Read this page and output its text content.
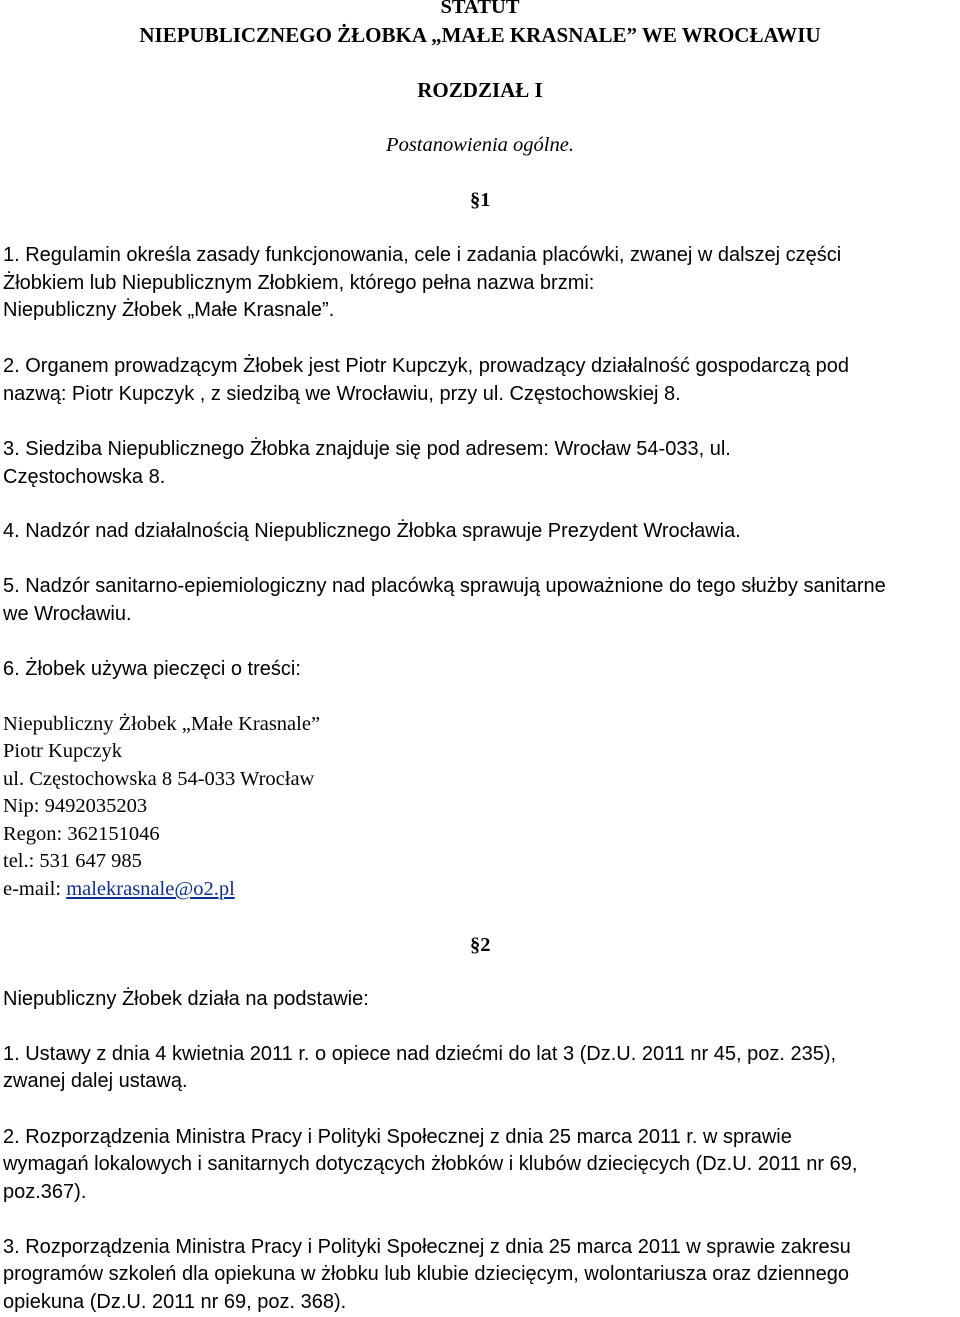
STATUT
NIEPUBLICZNEGO ŻŁOBKA „MAŁE KRASNALE” WE WROCŁAWIU
ROZDZIAŁ I
Postanowienia ogólne.
§1
1. Regulamin określa zasady funkcjonowania, cele i zadania placówki, zwanej w dalszej części
Żłobkiem lub Niepublicznym Złobkiem, którego pełna nazwa brzmi:
Niepubliczny Żłobek „Małe Krasnale”.
2. Organem prowadzącym Żłobek jest Piotr Kupczyk, prowadzący działalność gospodarczą pod
nazwą: Piotr Kupczyk , z siedzibą we Wrocławiu, przy ul. Częstochowskiej 8.
3. Siedziba Niepublicznego Żłobka znajduje się pod adresem: Wrocław 54-033, ul.
Częstochowska 8.
4. Nadzór nad działalnością Niepublicznego Żłobka sprawuje Prezydent Wrocławia.
5. Nadzór sanitarno-epiemiologiczny nad placówką sprawują upoważnione do tego służby sanitarne
we Wrocławiu.
6. Żłobek używa pieczęci o treści:
Niepubliczny Żłobek „Małe Krasnale”
Piotr Kupczyk
ul. Częstochowska 8 54-033 Wrocław
Nip: 9492035203
Regon: 362151046
tel.: 531 647 985
e-mail: malekrasnale@o2.pl
§2
Niepubliczny Żłobek działa na podstawie:
1. Ustawy z dnia 4 kwietnia 2011 r. o opiece nad dziećmi do lat 3 (Dz.U. 2011 nr 45, poz. 235),
zwanej dalej ustawą.
2. Rozporządzenia Ministra Pracy i Polityki Społecznej z dnia 25 marca 2011 r. w sprawie
wymagań lokalowych i sanitarnych dotyczących żłobków i klubów dziecięcych (Dz.U. 2011 nr 69,
poz.367).
3. Rozporządzenia Ministra Pracy i Polityki Społecznej z dnia 25 marca 2011 w sprawie zakresu
programów szkoleń dla opiekuna w żłobku lub klubie dziecięcym, wolontariusza oraz dziennego
opiekuna (Dz.U. 2011 nr 69, poz. 368).
